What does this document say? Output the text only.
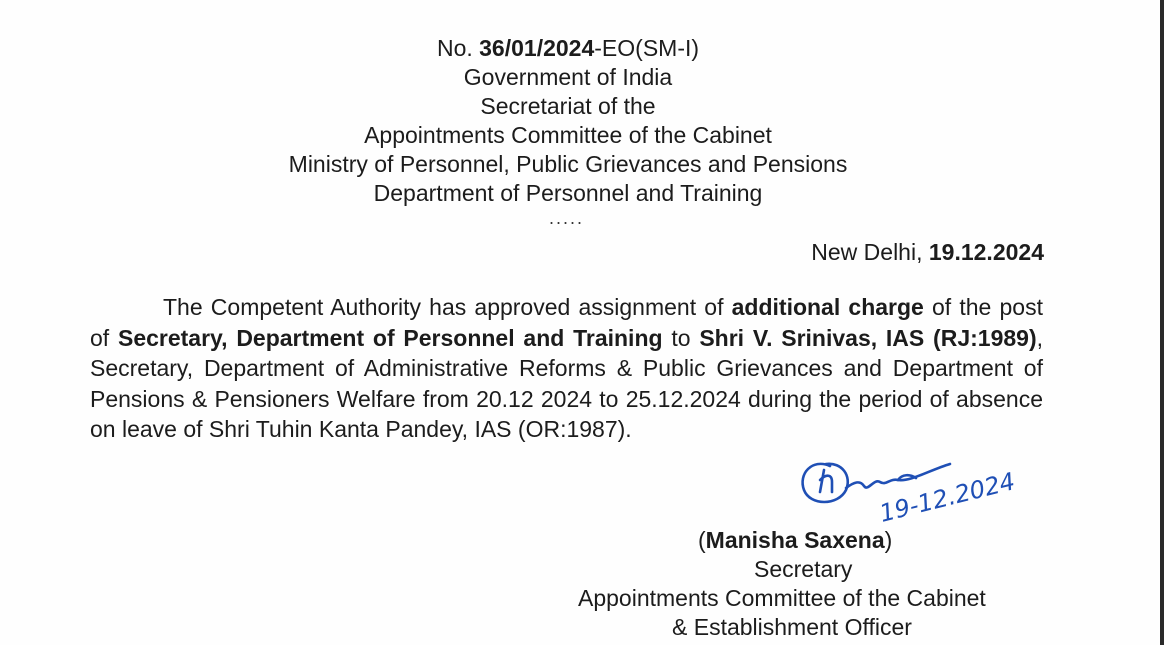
No. 36/01/2024-EO(SM-I)
Government of India
Secretariat of the
Appointments Committee of the Cabinet
Ministry of Personnel, Public Grievances and Pensions
Department of Personnel and Training
.....
New Delhi, 19.12.2024
The Competent Authority has approved assignment of additional charge of the post of Secretary, Department of Personnel and Training to Shri V. Srinivas, IAS (RJ:1989), Secretary, Department of Administrative Reforms & Public Grievances and Department of Pensions & Pensioners Welfare from 20.12 2024 to 25.12.2024 during the period of absence on leave of Shri Tuhin Kanta Pandey, IAS (OR:1987).
19-12.2024
(Manisha Saxena)
Secretary
Appointments Committee of the Cabinet
& Establishment Officer
